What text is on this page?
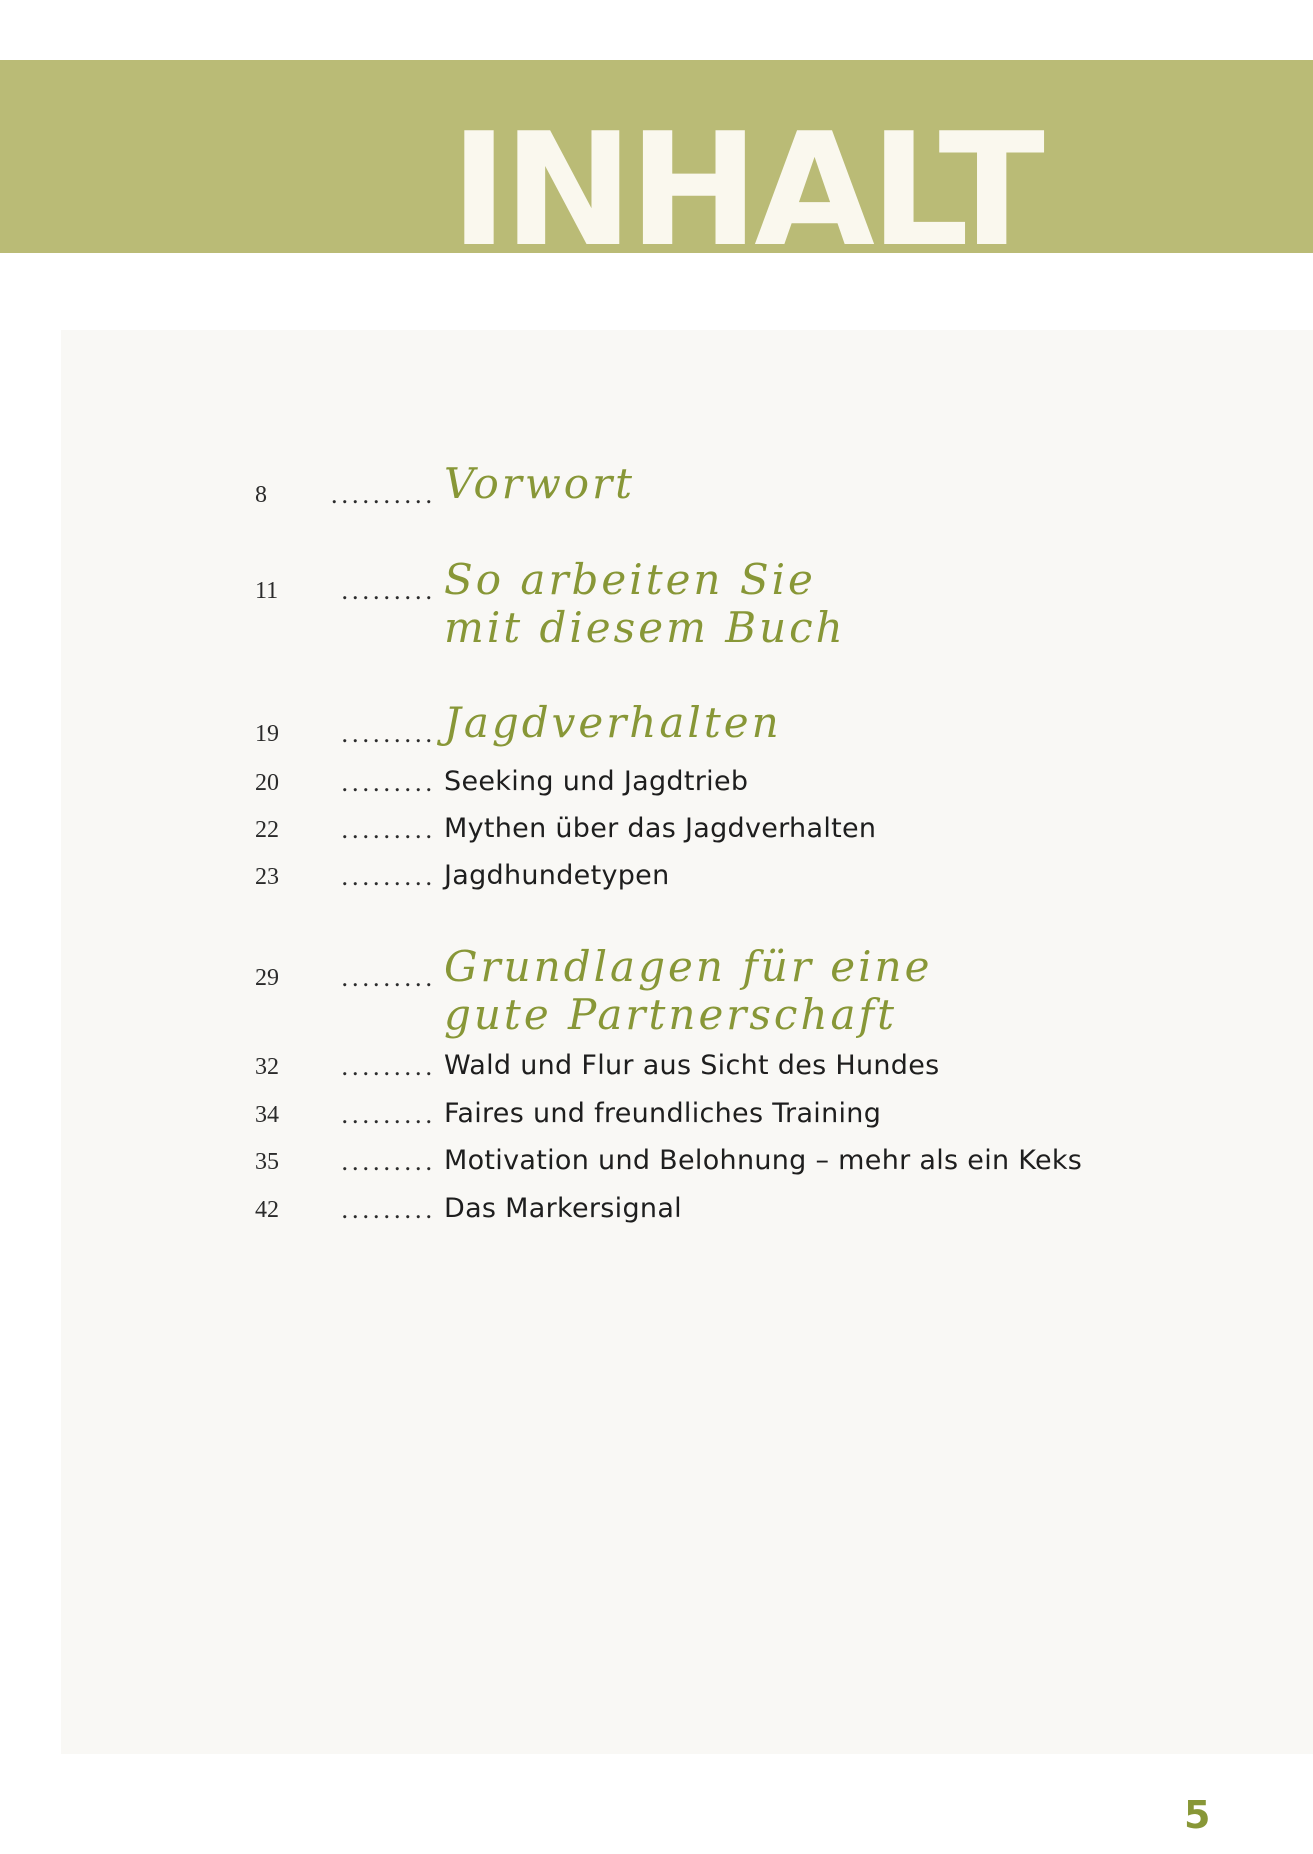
INHALT
8	.......... Vorwort
11	......... So arbeiten Sie
mit diesem Buch
19	......... Jagdverhalten
20	......... Seeking und Jagdtrieb
22	......... Mythen über das Jagdverhalten
23	......... Jagdhundetypen
29	......... Grundlagen für eine
gute Partnerschaft
32	......... Wald und Flur aus Sicht des Hundes
34	......... Faires und freundliches Training
35	......... Motivation und Belohnung – mehr als ein Keks
42	......... Das Markersignal
5
